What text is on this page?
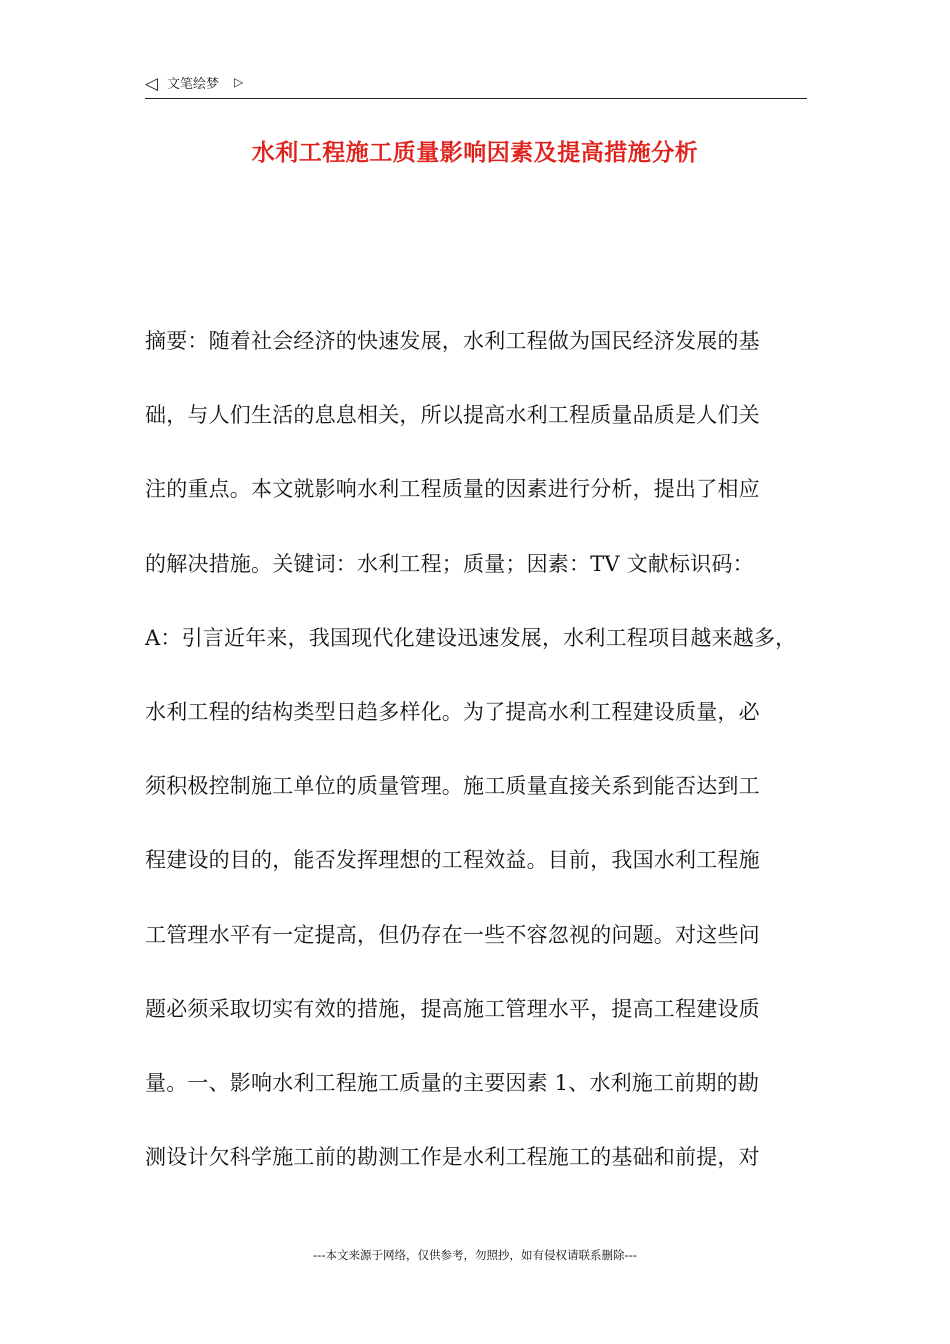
◁ 文笔绘梦 ▷
水利工程施工质量影响因素及提高措施分析
摘要：随着社会经济的快速发展，水利工程做为国民经济发展的基
础，与人们生活的息息相关，所以提高水利工程质量品质是人们关
注的重点。本文就影响水利工程质量的因素进行分析，提出了相应
的解决措施。关键词：水利工程；质量；因素：TV 文献标识码：
A：引言近年来，我国现代化建设迅速发展，水利工程项目越来越多，
水利工程的结构类型日趋多样化。为了提高水利工程建设质量，必
须积极控制施工单位的质量管理。施工质量直接关系到能否达到工
程建设的目的，能否发挥理想的工程效益。目前，我国水利工程施
工管理水平有一定提高，但仍存在一些不容忽视的问题。对这些问
题必须采取切实有效的措施，提高施工管理水平，提高工程建设质
量。一、影响水利工程施工质量的主要因素 1、水利施工前期的勘
测设计欠科学施工前的勘测工作是水利工程施工的基础和前提，对
---本文来源于网络，仅供参考，勿照抄，如有侵权请联系删除---
